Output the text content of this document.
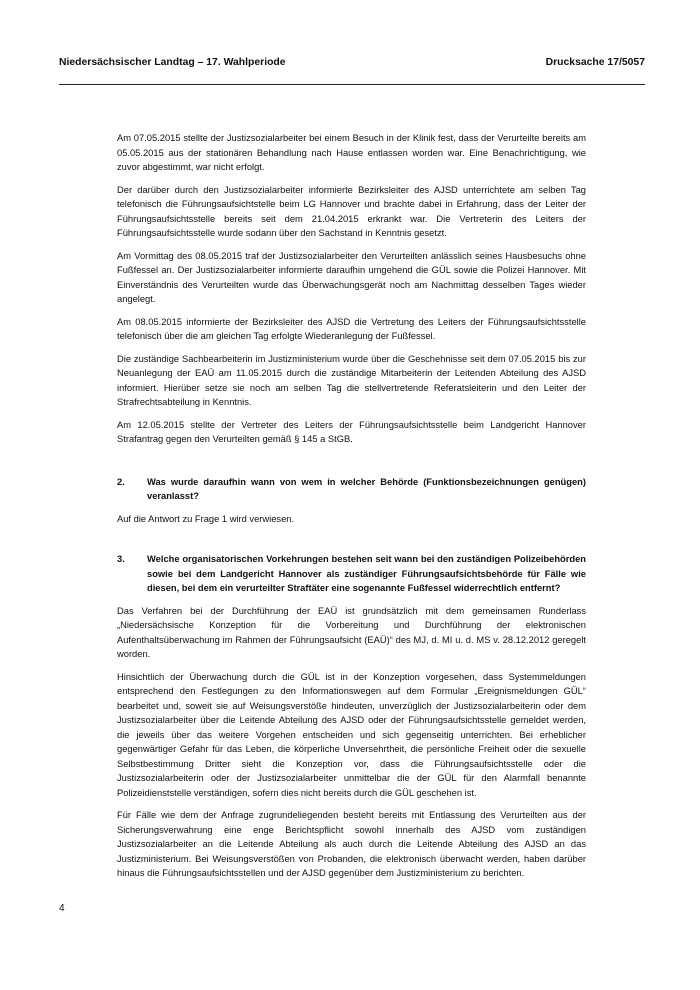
Niedersächsischer Landtag – 17. Wahlperiode	Drucksache 17/5057

Am 07.05.2015 stellte der Justizsozialarbeiter bei einem Besuch in der Klinik fest, dass der Verurteilte bereits am 05.05.2015 aus der stationären Behandlung nach Hause entlassen worden war. Eine Benachrichtigung, wie zuvor abgestimmt, war nicht erfolgt.

Der darüber durch den Justizsozialarbeiter informierte Bezirksleiter des AJSD unterrichtete am selben Tag telefonisch die Führungsaufsichtstelle beim LG Hannover und brachte dabei in Erfahrung, dass der Leiter der Führungsaufsichtsstelle bereits seit dem 21.04.2015 erkrankt war. Die Vertreterin des Leiters der Führungsaufsichtsstelle wurde sodann über den Sachstand in Kenntnis gesetzt.

Am Vormittag des 08.05.2015 traf der Justizsozialarbeiter den Verurteilten anlässlich seines Hausbesuchs ohne Fußfessel an. Der Justizsozialarbeiter informierte daraufhin umgehend die GÜL sowie die Polizei Hannover. Mit Einverständnis des Verurteilten wurde das Überwachungsgerät noch am Nachmittag desselben Tages wieder angelegt.

Am 08.05.2015 informierte der Bezirksleiter des AJSD die Vertretung des Leiters der Führungsaufsichtsstelle telefonisch über die am gleichen Tag erfolgte Wiederanlegung der Fußfessel.

Die zuständige Sachbearbeiterin im Justizministerium wurde über die Geschehnisse seit dem 07.05.2015 bis zur Neuanlegung der EAÜ am 11.05.2015 durch die zuständige Mitarbeiterin der Leitenden Abteilung des AJSD informiert. Hierüber setze sie noch am selben Tag die stellvertretende Referatsleiterin und den Leiter der Strafrechtsabteilung in Kenntnis.

Am 12.05.2015 stellte der Vertreter des Leiters der Führungsaufsichtsstelle beim Landgericht Hannover Strafantrag gegen den Verurteilten gemäß § 145 a StGB.

2.	Was wurde daraufhin wann von wem in welcher Behörde (Funktionsbezeichnungen genügen) veranlasst?

Auf die Antwort zu Frage 1 wird verwiesen.

3.	Welche organisatorischen Vorkehrungen bestehen seit wann bei den zuständigen Polizeibehörden sowie bei dem Landgericht Hannover als zuständiger Führungsaufsichtsbehörde für Fälle wie diesen, bei dem ein verurteilter Straftäter eine sogenannte Fußfessel widerrechtlich entfernt?

Das Verfahren bei der Durchführung der EAÜ ist grundsätzlich mit dem gemeinsamen Runderlass „Niedersächsische Konzeption für die Vorbereitung und Durchführung der elektronischen Aufenthaltsüberwachung im Rahmen der Führungsaufsicht (EAÜ)“ des MJ, d. MI u. d. MS v. 28.12.2012 geregelt worden.

Hinsichtlich der Überwachung durch die GÜL ist in der Konzeption vorgesehen, dass Systemmeldungen entsprechend den Festlegungen zu den Informationswegen auf dem Formular „Ereignismeldungen GÜL“ bearbeitet und, soweit sie auf Weisungsverstöße hindeuten, unverzüglich der Justizsozialarbeiterin oder dem Justizsozialarbeiter über die Leitende Abteilung des AJSD oder der Führungsaufsichtsstelle gemeldet werden, die jeweils über das weitere Vorgehen entscheiden und sich gegenseitig unterrichten. Bei erheblicher gegenwärtiger Gefahr für das Leben, die körperliche Unversehrtheit, die persönliche Freiheit oder die sexuelle Selbstbestimmung Dritter sieht die Konzeption vor, dass die Führungsaufsichtsstelle oder die Justizsozialarbeiterin oder der Justizsozialarbeiter unmittelbar die der GÜL für den Alarmfall benannte Polizeidienststelle verständigen, sofern dies nicht bereits durch die GÜL geschehen ist.

Für Fälle wie dem der Anfrage zugrundeliegenden besteht bereits mit Entlassung des Verurteilten aus der Sicherungsverwahrung eine enge Berichtspflicht sowohl innerhalb des AJSD vom zuständigen Justizsozialarbeiter an die Leitende Abteilung als auch durch die Leitende Abteilung des AJSD an das Justizministerium. Bei Weisungsverstößen von Probanden, die elektronisch überwacht werden, haben darüber hinaus die Führungsaufsichtsstellen und der AJSD gegenüber dem Justizministerium zu berichten.

4
